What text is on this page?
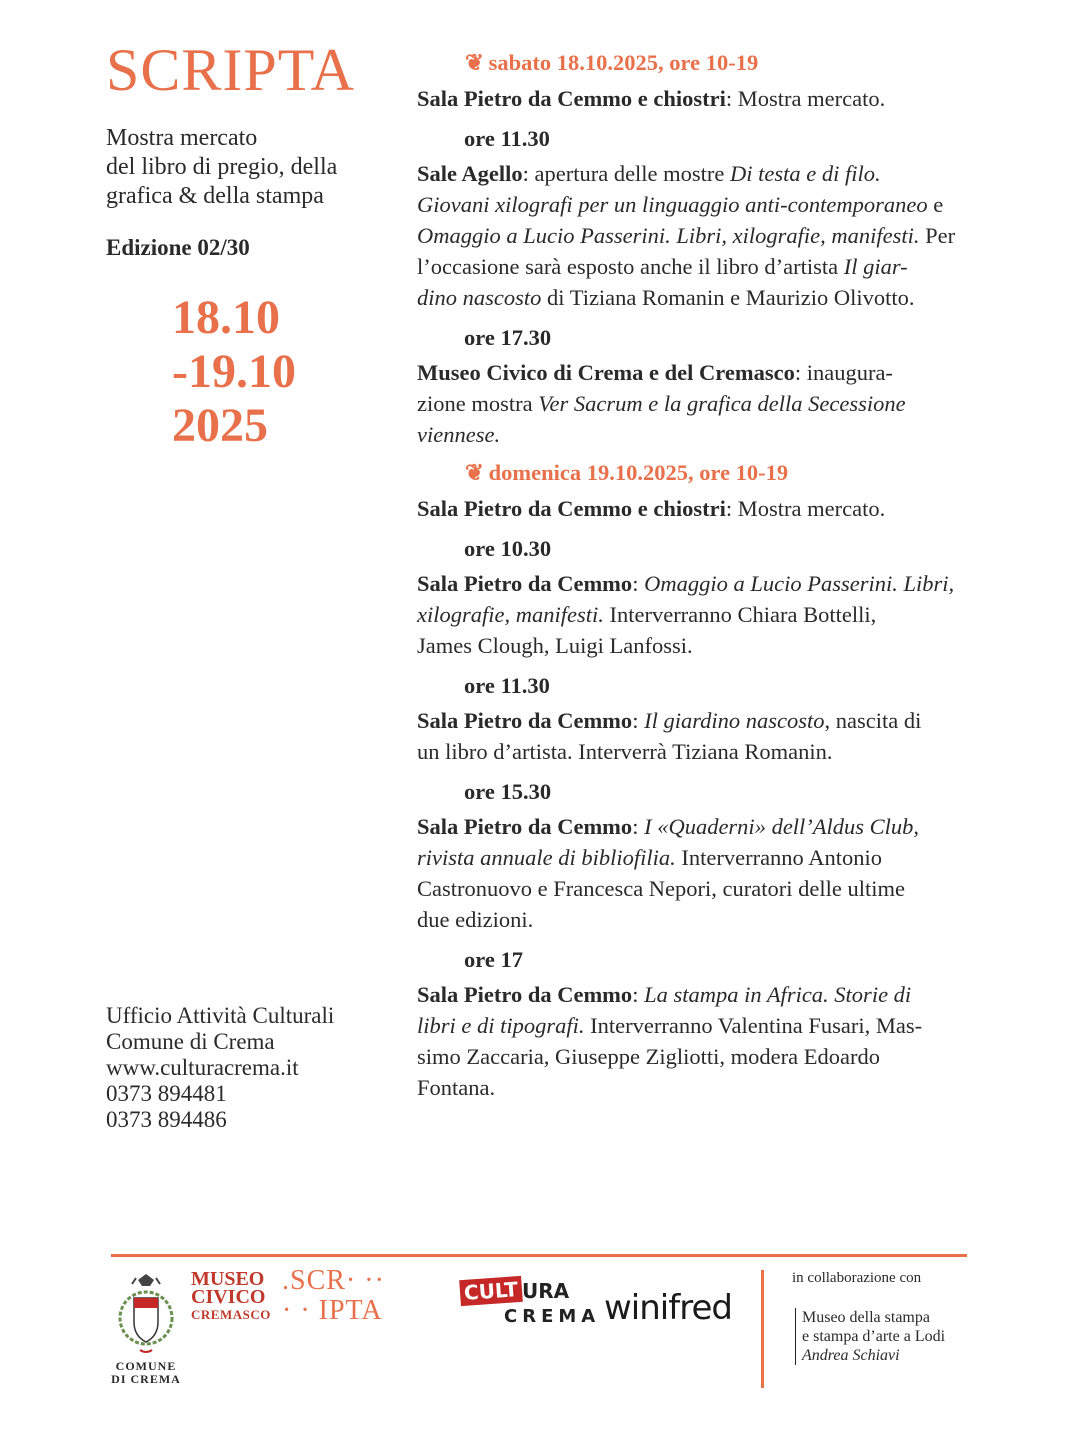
SCRIPTA
Mostra mercato
del libro di pregio, della
grafica & della stampa
Edizione 02/30
18.10
-19.10
2025
Ufficio Attività Culturali
Comune di Crema
www.culturacrema.it
0373 894481
0373 894486
❦ sabato 18.10.2025, ore 10-19

Sala Pietro da Cemmo e chiostri: Mostra mercato.

ore 11.30

Sale Agello: apertura delle mostre Di testa e di filo.

Giovani xilografi per un linguaggio anti-contemporaneo e

Omaggio a Lucio Passerini. Libri, xilografie, manifesti. Per

l’occasione sarà esposto anche il libro d’artista Il giar-

dino nascosto di Tiziana Romanin e Maurizio Olivotto.

ore 17.30

Museo Civico di Crema e del Cremasco: inaugura-

zione mostra Ver Sacrum e la grafica della Secessione

viennese.

❦ domenica 19.10.2025, ore 10-19

Sala Pietro da Cemmo e chiostri: Mostra mercato.

ore 10.30

Sala Pietro da Cemmo: Omaggio a Lucio Passerini. Libri,

xilografie, manifesti. Interverranno Chiara Bottelli,

James Clough, Luigi Lanfossi.

ore 11.30

Sala Pietro da Cemmo: Il giardino nascosto, nascita di

un libro d’artista. Interverrà Tiziana Romanin.

ore 15.30

Sala Pietro da Cemmo: I «Quaderni» dell’Aldus Club,

rivista annuale di bibliofilia. Interverranno Antonio

Castronuovo e Francesca Nepori, curatori delle ultime

due edizioni.

ore 17

Sala Pietro da Cemmo: La stampa in Africa. Storie di

libri e di tipografi. Interverranno Valentina Fusari, Mas-

simo Zaccaria, Giuseppe Zigliotti, modera Edoardo

Fontana.

COMUNE
DI CREMA
MUSEO
CIVICO
CREMASCO
.SCR· ··
· · IPTA
CULT URA
CREMA winifred
in collaborazione con
Museo della stampa
e stampa d’arte a Lodi
Andrea Schiavi
